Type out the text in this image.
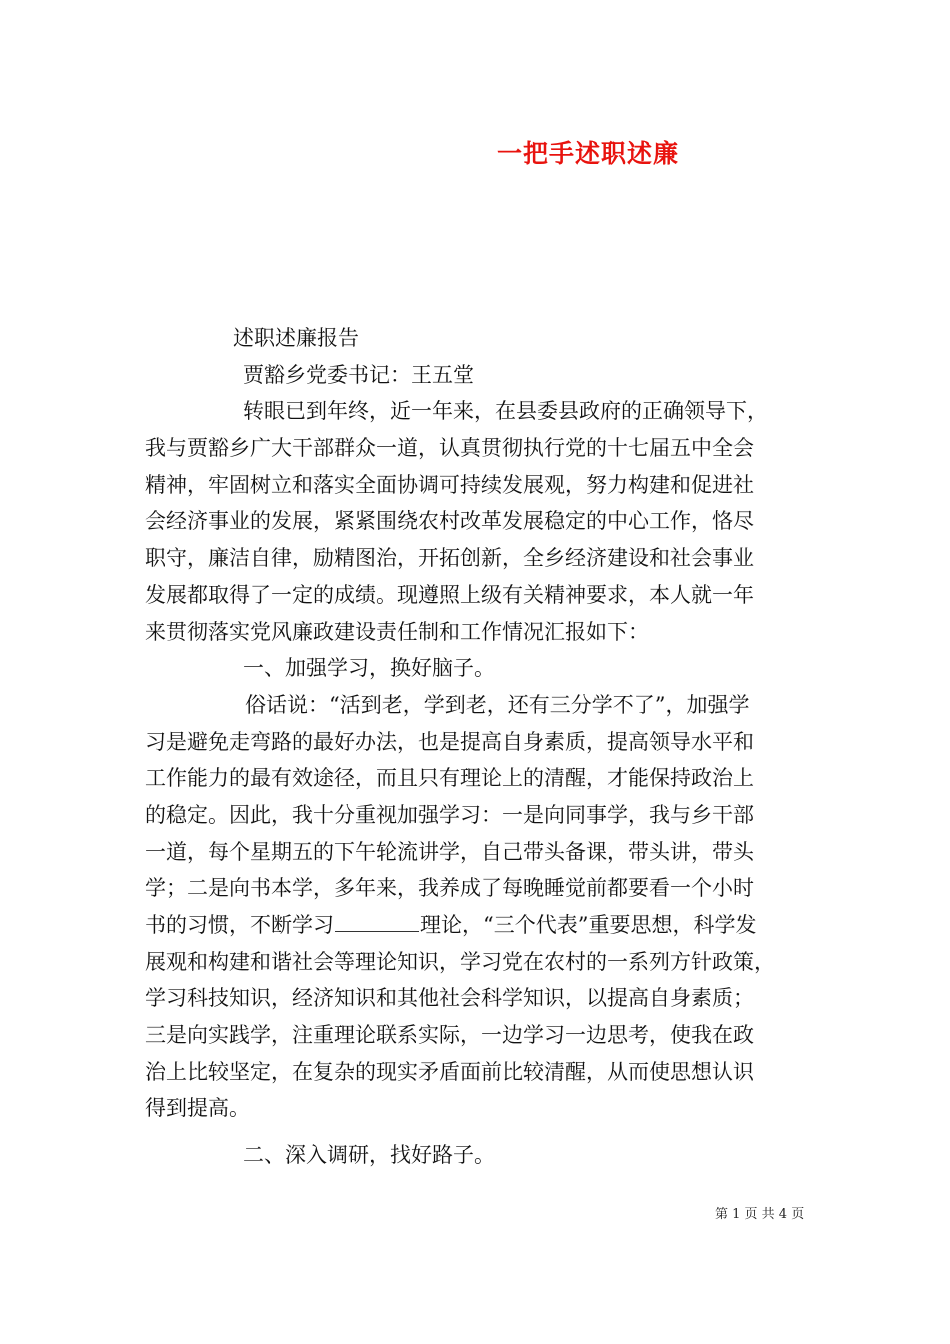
一把手述职述廉
述职述廉报告
贾豁乡党委书记：王五堂
转眼已到年终，近一年来，在县委县政府的正确领导下，
我与贾豁乡广大干部群众一道，认真贯彻执行党的十七届五中全会
精神，牢固树立和落实全面协调可持续发展观，努力构建和促进社
会经济事业的发展，紧紧围绕农村改革发展稳定的中心工作，恪尽
职守，廉洁自律，励精图治，开拓创新，全乡经济建设和社会事业
发展都取得了一定的成绩。现遵照上级有关精神要求，本人就一年
来贯彻落实党风廉政建设责任制和工作情况汇报如下：
一、加强学习，换好脑子。
俗话说：“活到老，学到老，还有三分学不了”，加强学
习是避免走弯路的最好办法，也是提高自身素质，提高领导水平和
工作能力的最有效途径，而且只有理论上的清醒，才能保持政治上
的稳定。因此，我十分重视加强学习：一是向同事学，我与乡干部
一道，每个星期五的下午轮流讲学，自己带头备课，带头讲，带头
学；二是向书本学，多年来，我养成了每晚睡觉前都要看一个小时
书的习惯，不断学习	理论，“三个代表”重要思想，科学发
展观和构建和谐社会等理论知识，学习党在农村的一系列方针政策，
学习科技知识，经济知识和其他社会科学知识，以提高自身素质；
三是向实践学，注重理论联系实际，一边学习一边思考，使我在政
治上比较坚定，在复杂的现实矛盾面前比较清醒，从而使思想认识
得到提高。
二、深入调研，找好路子。
第 1 页 共 4 页
